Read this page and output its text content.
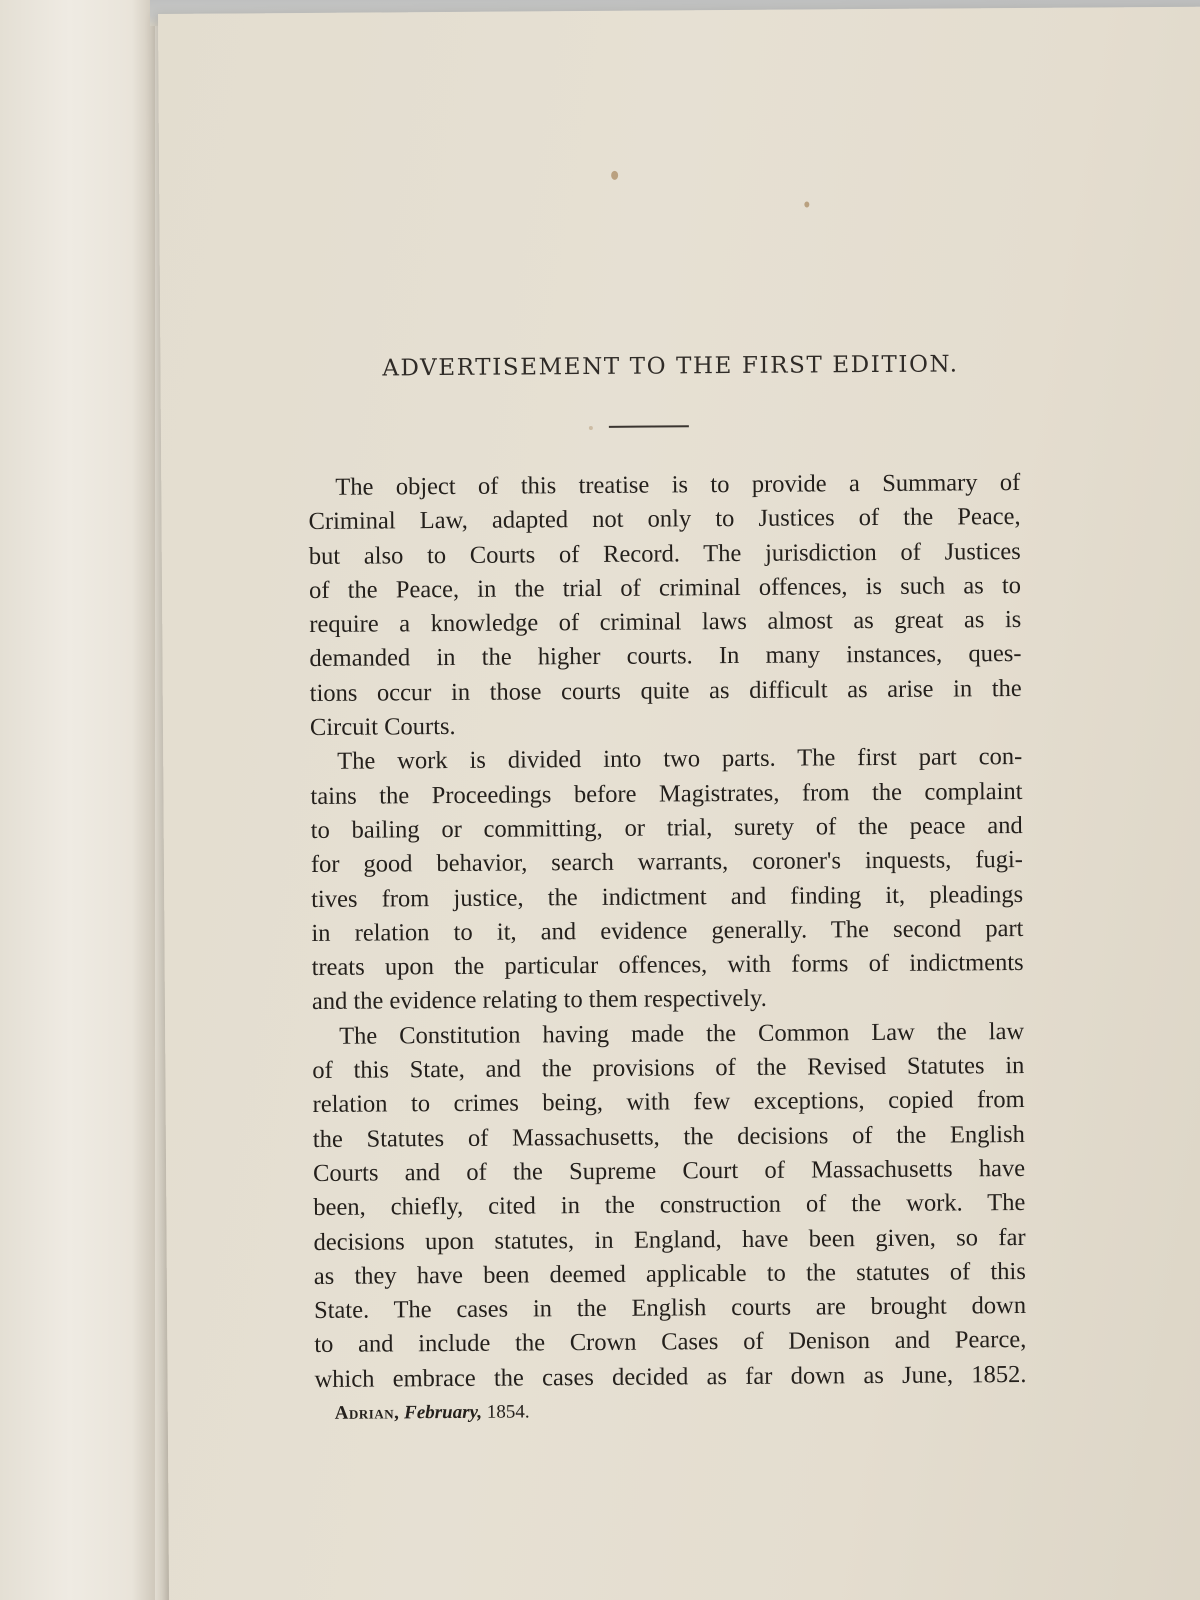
ADVERTISEMENT TO THE FIRST EDITION.
The object of this treatise is to provide a Summary of
Criminal Law, adapted not only to Justices of the Peace,
but also to Courts of Record. The jurisdiction of Justices
of the Peace, in the trial of criminal offences, is such as to
require a knowledge of criminal laws almost as great as is
demanded in the higher courts. In many instances, ques-
tions occur in those courts quite as difficult as arise in the
Circuit Courts.
The work is divided into two parts. The first part con-
tains the Proceedings before Magistrates, from the complaint
to bailing or committing, or trial, surety of the peace and
for good behavior, search warrants, coroner's inquests, fugi-
tives from justice, the indictment and finding it, pleadings
in relation to it, and evidence generally. The second part
treats upon the particular offences, with forms of indictments
and the evidence relating to them respectively.
The Constitution having made the Common Law the law
of this State, and the provisions of the Revised Statutes in
relation to crimes being, with few exceptions, copied from
the Statutes of Massachusetts, the decisions of the English
Courts and of the Supreme Court of Massachusetts have
been, chiefly, cited in the construction of the work. The
decisions upon statutes, in England, have been given, so far
as they have been deemed applicable to the statutes of this
State. The cases in the English courts are brought down
to and include the Crown Cases of Denison and Pearce,
which embrace the cases decided as far down as June, 1852.
Adrian, February, 1854.
